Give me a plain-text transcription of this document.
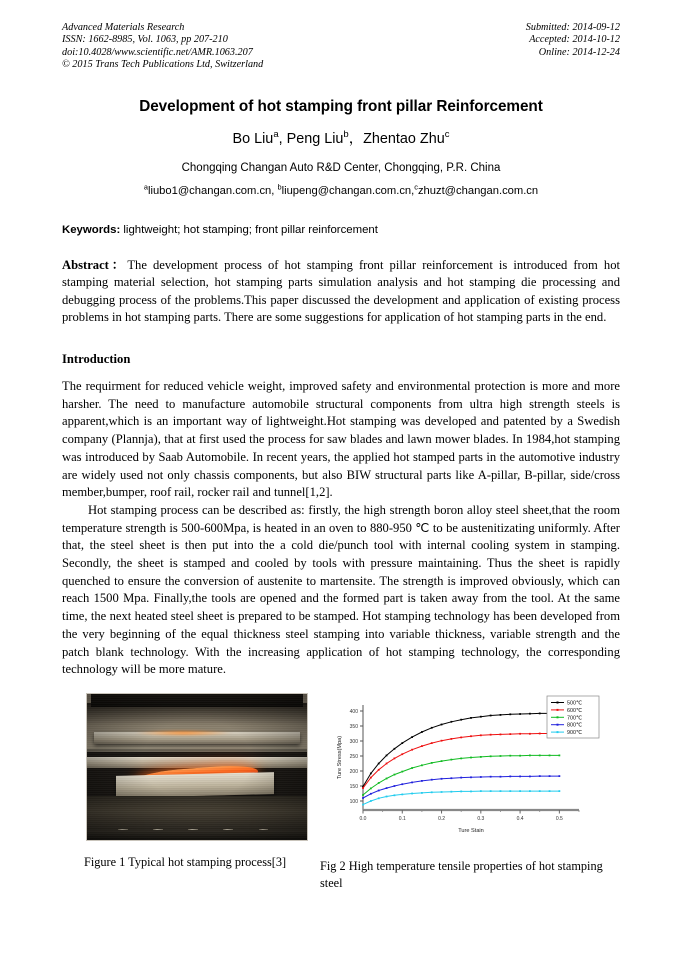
Advanced Materials Research
ISSN: 1662-8985, Vol. 1063, pp 207-210
doi:10.4028/www.scientific.net/AMR.1063.207
© 2015 Trans Tech Publications Ltd, Switzerland
Submitted: 2014-09-12
Accepted: 2014-10-12
Online: 2014-12-24
Development of hot stamping front pillar Reinforcement
Bo Liu$^a$, Peng Liu$^b$，Zhentao Zhu$^c$
Chongqing Changan Auto R&D Center, Chongqing, P.R. China
$^a$liubo1@changan.com.cn, $^b$liupeng@changan.com.cn,$^c$zhuzt@changan.com.cn
Keywords: lightweight; hot stamping; front pillar reinforcement
Abstract：The development process of hot stamping front pillar reinforcement is introduced from hot stamping material selection, hot stamping parts simulation analysis and hot stamping die processing and debugging process of the problems.This paper discussed the development and application of existing process problems in hot stamping parts. There are some suggestions for application of hot stamping parts in the end.
Introduction
The requirment for reduced vehicle weight, improved safety and environmental protection is more and more harsher. The need to manufacture automobile structural components from ultra high strength steels is apparent,which is an important way of lightweight.Hot stamping was developed and patented by a Swedish company (Plannja), that at first used the process for saw blades and lawn mower blades. In 1984,hot stamping was introduced by Saab Automobile. In recent years, the applied hot stamped parts in the automotive industry are widely used not only chassis components, but also BIW structural parts like A-pillar, B-pillar, side/cross member,bumper, roof rail, rocker rail and tunnel[1,2].
Hot stamping process can be described as: firstly, the high strength boron alloy steel sheet,that the room temperature strength is 500-600Mpa, is heated in an oven to 880-950 ℃ to be austenitizating uniformly. After that, the steel sheet is then put into the a cold die/punch tool with internal cooling system in stamping. Secondly, the sheet is stamped and cooled by tools with pressure maintaining. Thus the sheet is rapidly quenched to ensure the conversion of austenite to martensite. The strength is improved obviously, which can reach 1500 Mpa. Finally,the tools are opened and the formed part is taken away from the tool. At the same time, the next heated steel sheet is prepared to be stamped. Hot stamping technology has been developed from the very beginning of the equal thickness steel stamping into variable thickness, variable strength and the patch blank technology. With the increasing application of hot stamping technology, the corresponding technology will be more mature.
Figure 1 Typical hot stamping process[3]
100
150
200
250
300
350
400
0.0	0.1	0.2	0.3	0.4	0.5
Ture Stain
Ture Stress(Mpa)
500℃
600℃
700℃
800℃
900℃
Fig 2 High temperature tensile properties of hot stamping steel
